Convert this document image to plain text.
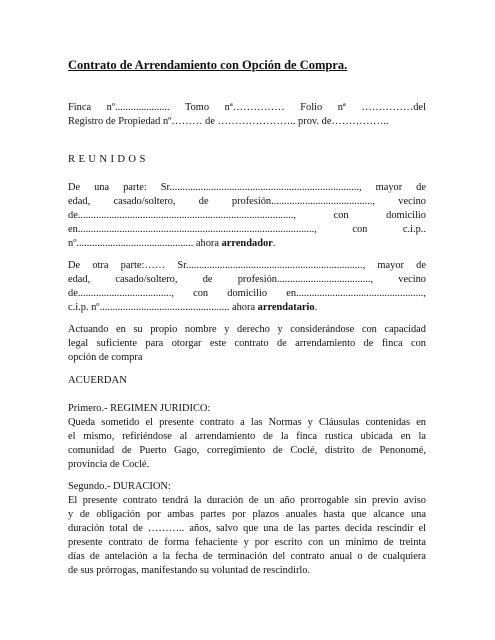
Contrato de Arrendamiento con Opción de Compra.
Finca nº..................... Tomo nª…………… Folio nª ……………del
Registro de Propiedad nº……… de ………………….. prov. de……………..
REUNIDOS
De una parte: Sr........................................................................., mayor de
edad, casado/soltero, de profesión......................................., vecino
de..................................................................................., con domicilio
en..........................................................................................., con c.i.p..
nº............................................. ahora arrendador.
De otra parte:…… Sr...................................................................., mayor de
edad, casado/soltero, de profesión...................................., vecino
de...................................., con domicilio en.................................................,
c.i.p. nº.................................................. ahora arrendatario.
Actuando en su propio nombre y derecho y considerándose con capacidad
legal suficiente para otorgar este contrato de arrendamiento de finca con
opción de compra
ACUERDAN
Primero.- REGIMEN JURIDICO:
Queda sometido el presente contrato a las Normas y Cláusulas contenidas en
el mismo, refiriéndose al arrendamiento de la finca rustica ubicada en la
comunidad de Puerto Gago, corregimiento de Coclé, distrito de Penonomé,
provincia de Coclé.
Segundo.- DURACION:
El presente contrato tendrá la duración de un año prorrogable sin previo aviso
y de obligación por ambas partes por plazos anuales hasta que alcance una
duración total de ……….. años, salvo que una de las partes decida rescindir el
presente contrato de forma fehaciente y por escrito con un mínimo de treinta
días de antelación a la fecha de terminación del contrato anual o de cualquiera
de sus prórrogas, manifestando su voluntad de rescindirlo.
